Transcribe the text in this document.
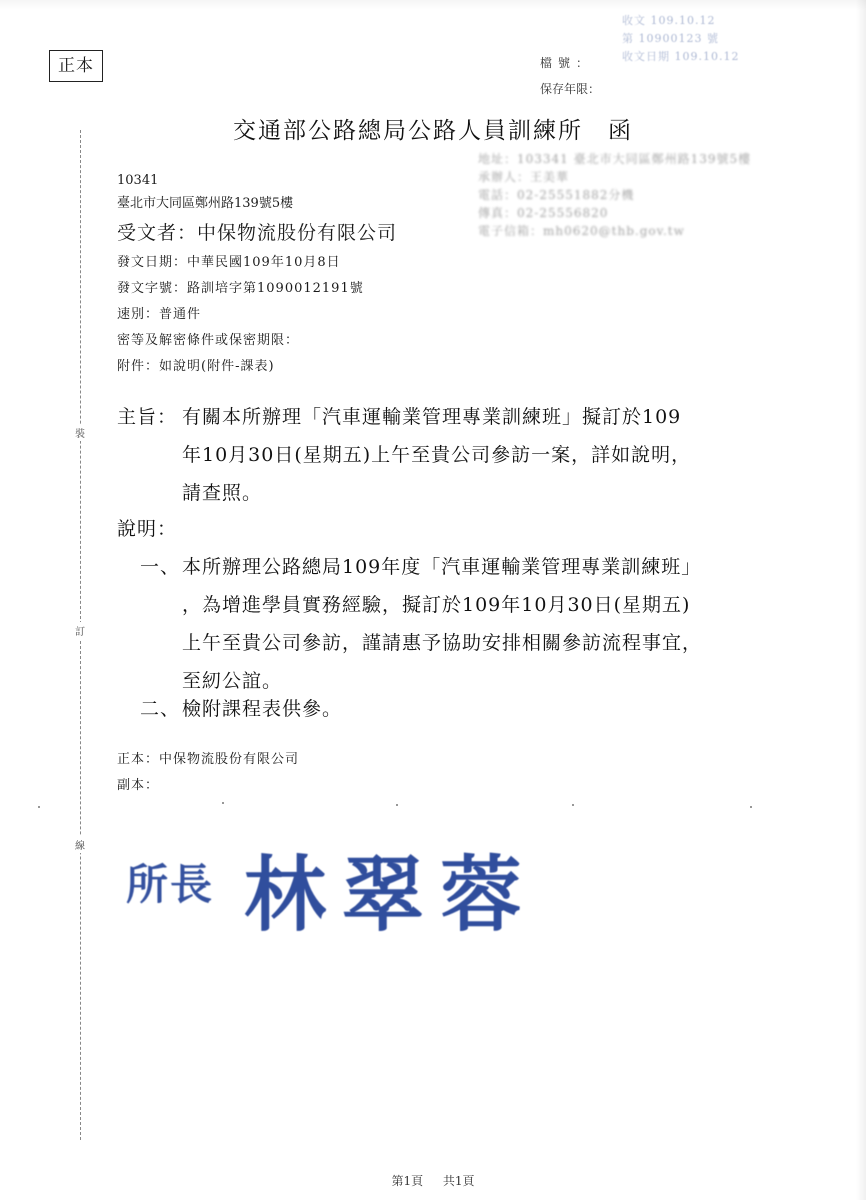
正本	檔號：
保存年限：
收文 109.10.12
第 10900123 號
收文日期 109.10.12
裝
訂
線
交通部公路總局公路人員訓練所　函
10341
臺北市大同區鄭州路139號5樓
地址：103341 臺北市大同區鄭州路139號5樓
承辦人：王美華
電話：02-25551882分機
傳真：02-25556820
電子信箱：mh0620@thb.gov.tw
受文者：中保物流股份有限公司
發文日期：中華民國109年10月8日
發文字號：路訓培字第1090012191號
速別：普通件
密等及解密條件或保密期限：
附件：如說明(附件-課表)
主旨： 有關本所辦理「汽車運輸業管理專業訓練班」擬訂於109
年10月30日(星期五)上午至貴公司參訪一案，詳如說明，
請查照。
說明：
一、 本所辦理公路總局109年度「汽車運輸業管理專業訓練班」
，為增進學員實務經驗，擬訂於109年10月30日(星期五)
上午至貴公司參訪，謹請惠予協助安排相關參訪流程事宜，
至紉公誼。
二、 檢附課程表供參。
正本：中保物流股份有限公司
副本：
所長 林翠蓉
第1頁 共1頁
